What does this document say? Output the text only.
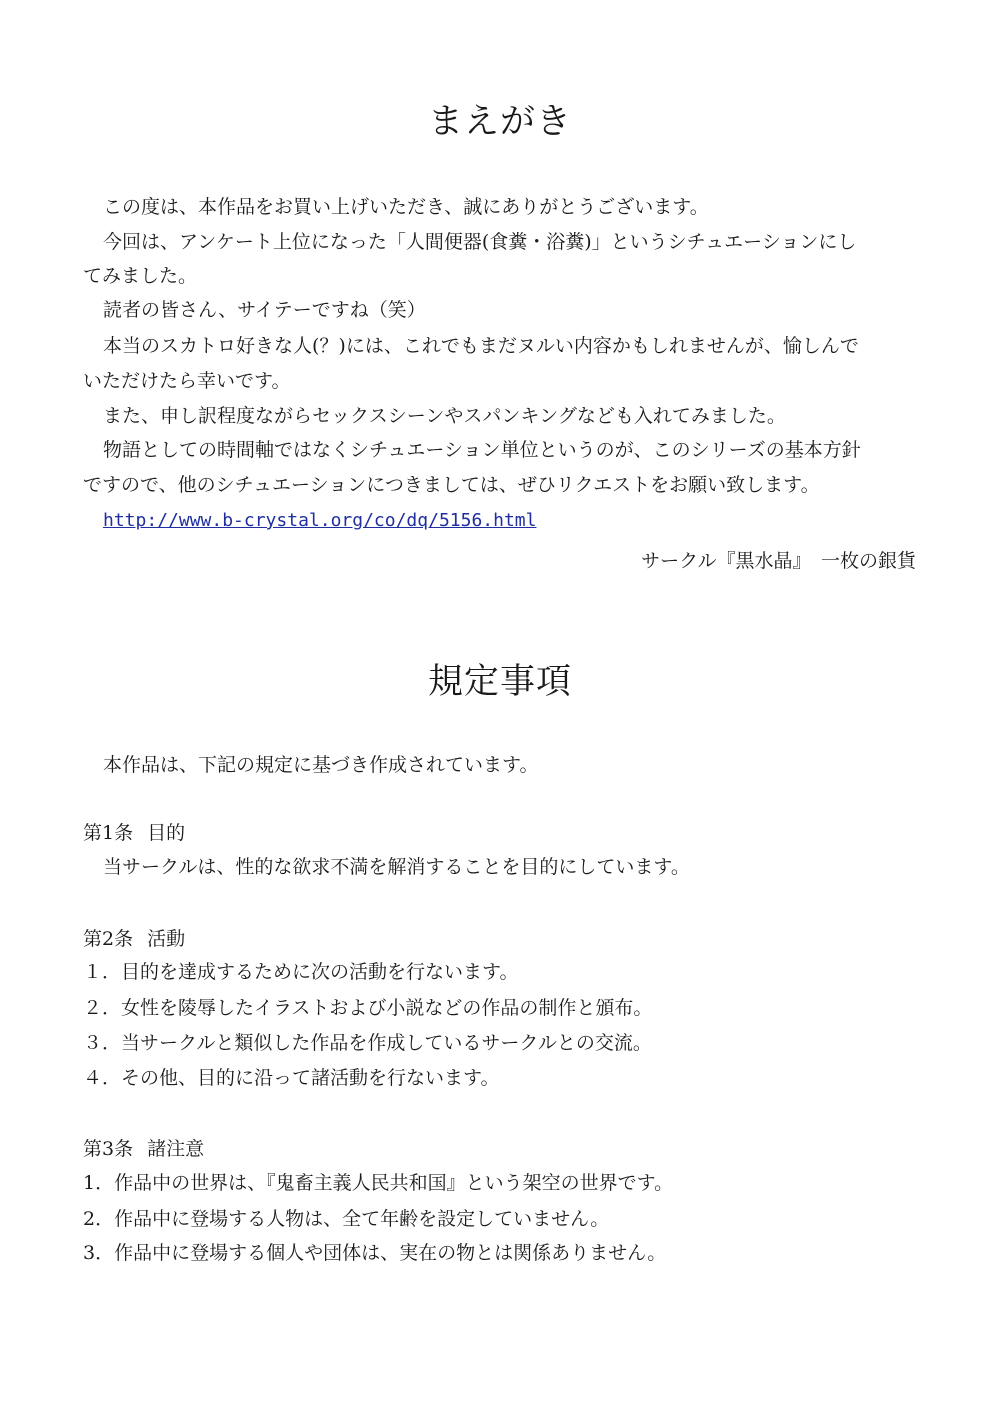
まえがき

この度は、本作品をお買い上げいただき、誠にありがとうございます。

今回は、アンケート上位になった「人間便器(食糞・浴糞)」というシチュエーションにし

てみました。

読者の皆さん、サイテーですね（笑）

本当のスカトロ好きな人(？)には、これでもまだヌルい内容かもしれませんが、愉しんで

いただけたら幸いです。

また、申し訳程度ながらセックスシーンやスパンキングなども入れてみました。

物語としての時間軸ではなくシチュエーション単位というのが、このシリーズの基本方針

ですので、他のシチュエーションにつきましては、ぜひリクエストをお願い致します。

http://www.b-crystal.org/co/dq/5156.html

サークル『黒水晶』　一枚の銀貨
規定事項

本作品は、下記の規定に基づき作成されています。

第1条 目的

当サークルは、性的な欲求不満を解消することを目的にしています。

第2条 活動
１．目的を達成するために次の活動を行ないます。
２．女性を陵辱したイラストおよび小説などの作品の制作と頒布。
３．当サークルと類似した作品を作成しているサークルとの交流。
４．その他、目的に沿って諸活動を行ないます。
第3条 諸注意
1．作品中の世界は、『鬼畜主義人民共和国』という架空の世界です。
2．作品中に登場する人物は、全て年齢を設定していません。
3．作品中に登場する個人や団体は、実在の物とは関係ありません。
